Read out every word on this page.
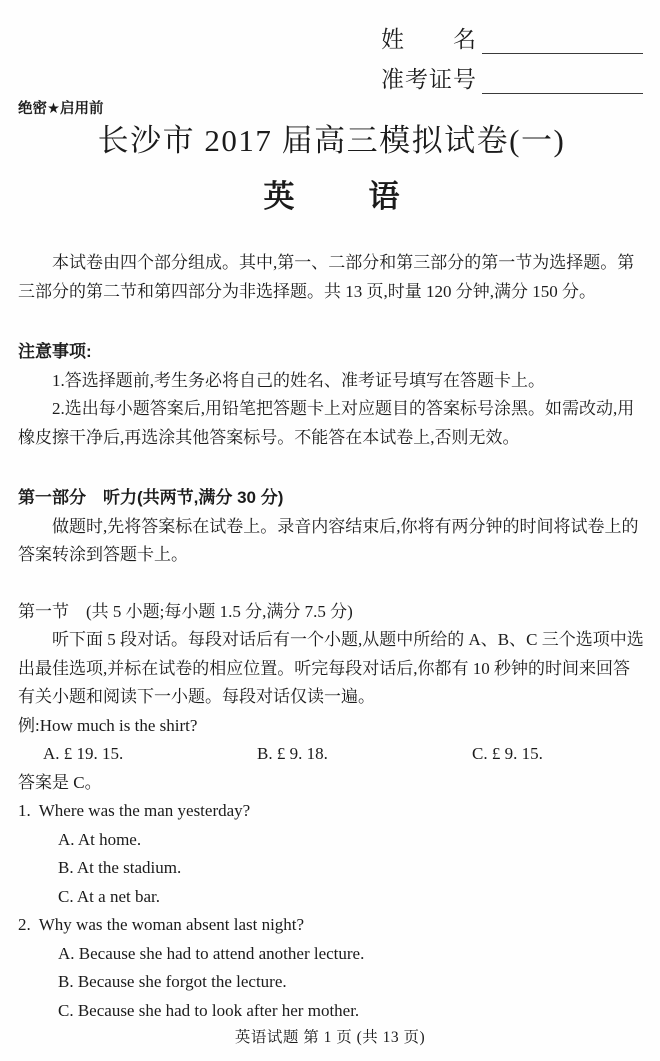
姓　　名
准考证号
绝密★启用前
长沙市 2017 届高三模拟试卷(一)
英 语

本试卷由四个部分组成。其中,第一、二部分和第三部分的第一节为选择题。第三部分的第二节和第四部分为非选择题。共 13 页,时量 120 分钟,满分 150 分。

注意事项:

1.答选择题前,考生务必将自己的姓名、准考证号填写在答题卡上。

2.选出每小题答案后,用铅笔把答题卡上对应题目的答案标号涂黑。如需改动,用橡皮擦干净后,再选涂其他答案标号。不能答在本试卷上,否则无效。

第一部分　听力(共两节,满分 30 分)

做题时,先将答案标在试卷上。录音内容结束后,你将有两分钟的时间将试卷上的答案转涂到答题卡上。

第一节　(共 5 小题;每小题 1.5 分,满分 7.5 分)

听下面 5 段对话。每段对话后有一个小题,从题中所给的 A、B、C 三个选项中选出最佳选项,并标在试卷的相应位置。听完每段对话后,你都有 10 秒钟的时间来回答有关小题和阅读下一小题。每段对话仅读一遍。

例:How much is the shirt?

A. £ 19. 15.	B. £ 9. 18.	C. £ 9. 15.

答案是 C。

1. Where was the man yesterday?

A. At home.

B. At the stadium.

C. At a net bar.

2. Why was the woman absent last night?

A. Because she had to attend another lecture.

B. Because she forgot the lecture.

C. Because she had to look after her mother.

英语试题 第 1 页 (共 13 页)
